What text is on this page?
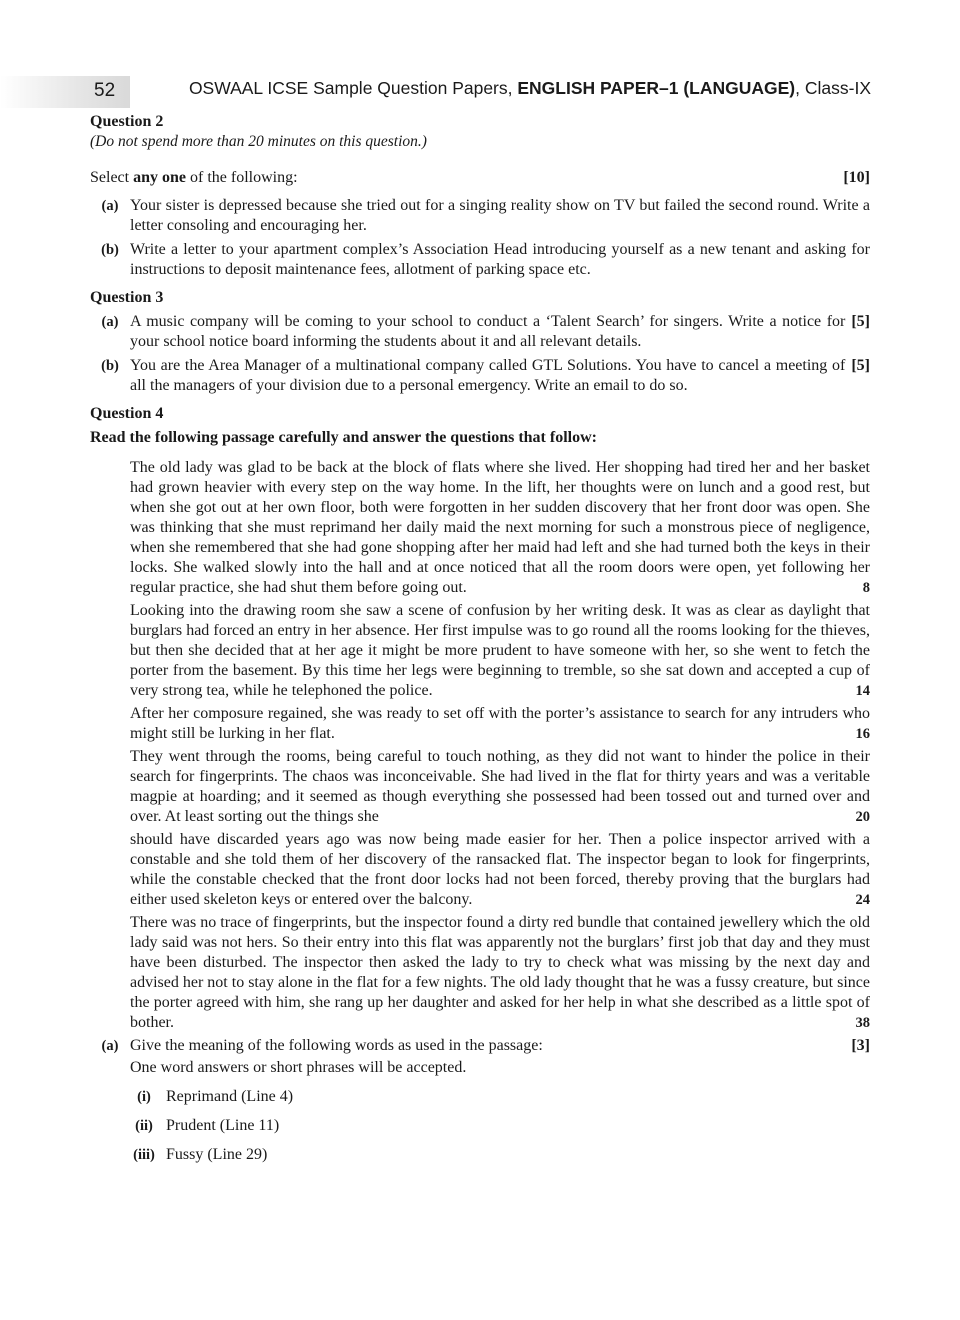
52	OSWAAL ICSE Sample Question Papers, ENGLISH PAPER–1 (LANGUAGE), Class-IX
Question 2
(Do not spend more than 20 minutes on this question.)
Select any one of the following:	[10]
(a) Your sister is depressed because she tried out for a singing reality show on TV but failed the second round. Write a letter consoling and encouraging her.
(b) Write a letter to your apartment complex’s Association Head introducing yourself as a new tenant and asking for instructions to deposit maintenance fees, allotment of parking space etc.
Question 3
(a)	[5]
A music company will be coming to your school to conduct a ‘Talent Search’ for singers. Write a notice for your school notice board informing the students about it and all relevant details.
(b)	[5]
You are the Area Manager of a multinational company called GTL Solutions. You have to cancel a meeting of all the managers of your division due to a personal emergency. Write an email to do so.
Question 4
Read the following passage carefully and answer the questions that follow:
The old lady was glad to be back at the block of flats where she lived. Her shopping had tired her and her basket had grown heavier with every step on the way home. In the lift, her thoughts were on lunch and a good rest, but when she got out at her own floor, both were forgotten in her sudden discovery that her front door was open. She was thinking that she must reprimand her daily maid the next morning for such a monstrous piece of negligence, when she remembered that she had gone shopping after her maid had left and she had turned both the keys in their locks. She walked slowly into the hall and at once noticed that all the room doors were open, yet following her regular practice, she had shut them before going out.	8
Looking into the drawing room she saw a scene of confusion by her writing desk. It was as clear as daylight that burglars had forced an entry in her absence. Her first impulse was to go round all the rooms looking for the thieves, but then she decided that at her age it might be more prudent to have someone with her, so she went to fetch the porter from the basement. By this time her legs were beginning to tremble, so she sat down and accepted a cup of very strong tea, while he telephoned the police.	14
After her composure regained, she was ready to set off with the porter’s assistance to search for any intruders who might still be lurking in her flat.	16
They went through the rooms, being careful to touch nothing, as they did not want to hinder the police in their search for fingerprints. The chaos was inconceivable. She had lived in the flat for thirty years and was a veritable magpie at hoarding; and it seemed as though everything she possessed had been tossed out and turned over and over. At least sorting out the things she	20
should have discarded years ago was now being made easier for her. Then a police inspector arrived with a constable and she told them of her discovery of the ransacked flat. The inspector began to look for fingerprints, while the constable checked that the front door locks had not been forced, thereby proving that the burglars had either used skeleton keys or entered over the balcony.	24
There was no trace of fingerprints, but the inspector found a dirty red bundle that contained jewellery which the old lady said was not hers. So their entry into this flat was apparently not the burglars’ first job that day and they must have been disturbed. The inspector then asked the lady to try to check what was missing by the next day and advised her not to stay alone in the flat for a few nights. The old lady thought that he was a fussy creature, but since the porter agreed with him, she rang up her daughter and asked for her help in what she described as a little spot of bother.	38
(a)	[3]
Give the meaning of the following words as used in the passage:
One word answers or short phrases will be accepted.
(i) Reprimand (Line 4)
(ii) Prudent (Line 11)
(iii) Fussy (Line 29)
